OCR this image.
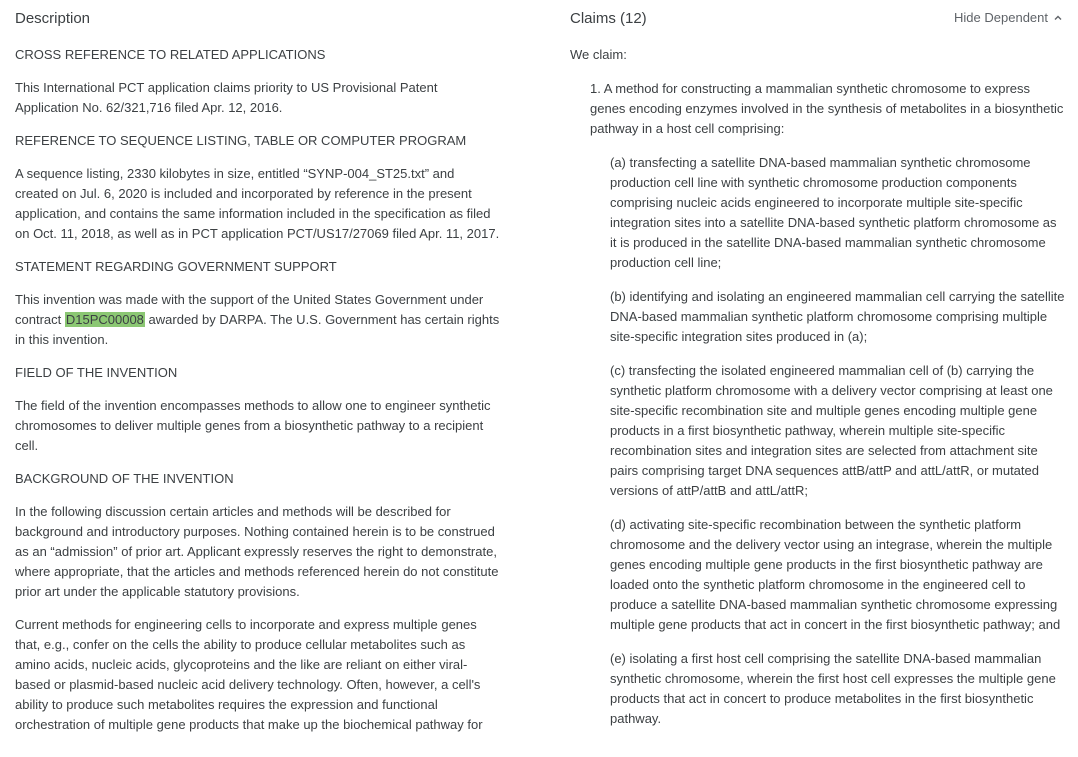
Description
CROSS REFERENCE TO RELATED APPLICATIONS
This International PCT application claims priority to US Provisional Patent Application No. 62/321,716 filed Apr. 12, 2016.
REFERENCE TO SEQUENCE LISTING, TABLE OR COMPUTER PROGRAM
A sequence listing, 2330 kilobytes in size, entitled “SYNP-004_ST25.txt” and created on Jul. 6, 2020 is included and incorporated by reference in the present application, and contains the same information included in the specification as filed on Oct. 11, 2018, as well as in PCT application PCT/US17/27069 filed Apr. 11, 2017.
STATEMENT REGARDING GOVERNMENT SUPPORT
This invention was made with the support of the United States Government under contract D15PC00008 awarded by DARPA. The U.S. Government has certain rights in this invention.
FIELD OF THE INVENTION
The field of the invention encompasses methods to allow one to engineer synthetic chromosomes to deliver multiple genes from a biosynthetic pathway to a recipient cell.
BACKGROUND OF THE INVENTION
In the following discussion certain articles and methods will be described for background and introductory purposes. Nothing contained herein is to be construed as an “admission” of prior art. Applicant expressly reserves the right to demonstrate, where appropriate, that the articles and methods referenced herein do not constitute prior art under the applicable statutory provisions.
Current methods for engineering cells to incorporate and express multiple genes that, e.g., confer on the cells the ability to produce cellular metabolites such as amino acids, nucleic acids, glycoproteins and the like are reliant on either viral-based or plasmid-based nucleic acid delivery technology. Often, however, a cell's ability to produce such metabolites requires the expression and functional orchestration of multiple gene products that make up the biochemical pathway for
Claims (12)	Hide Dependent
We claim:
1. A method for constructing a mammalian synthetic chromosome to express genes encoding enzymes involved in the synthesis of metabolites in a biosynthetic pathway in a host cell comprising:
(a) transfecting a satellite DNA-based mammalian synthetic chromosome production cell line with synthetic chromosome production components comprising nucleic acids engineered to incorporate multiple site-specific integration sites into a satellite DNA-based synthetic platform chromosome as it is produced in the satellite DNA-based mammalian synthetic chromosome production cell line;
(b) identifying and isolating an engineered mammalian cell carrying the satellite DNA-based mammalian synthetic platform chromosome comprising multiple site-specific integration sites produced in (a);
(c) transfecting the isolated engineered mammalian cell of (b) carrying the synthetic platform chromosome with a delivery vector comprising at least one site-specific recombination site and multiple genes encoding multiple gene products in a first biosynthetic pathway, wherein multiple site-specific recombination sites and integration sites are selected from attachment site pairs comprising target DNA sequences attB/attP and attL/attR, or mutated versions of attP/attB and attL/attR;
(d) activating site-specific recombination between the synthetic platform chromosome and the delivery vector using an integrase, wherein the multiple genes encoding multiple gene products in the first biosynthetic pathway are loaded onto the synthetic platform chromosome in the engineered cell to produce a satellite DNA-based mammalian synthetic chromosome expressing multiple gene products that act in concert in the first biosynthetic pathway; and
(e) isolating a first host cell comprising the satellite DNA-based mammalian synthetic chromosome, wherein the first host cell expresses the multiple gene products that act in concert to produce metabolites in the first biosynthetic pathway.
